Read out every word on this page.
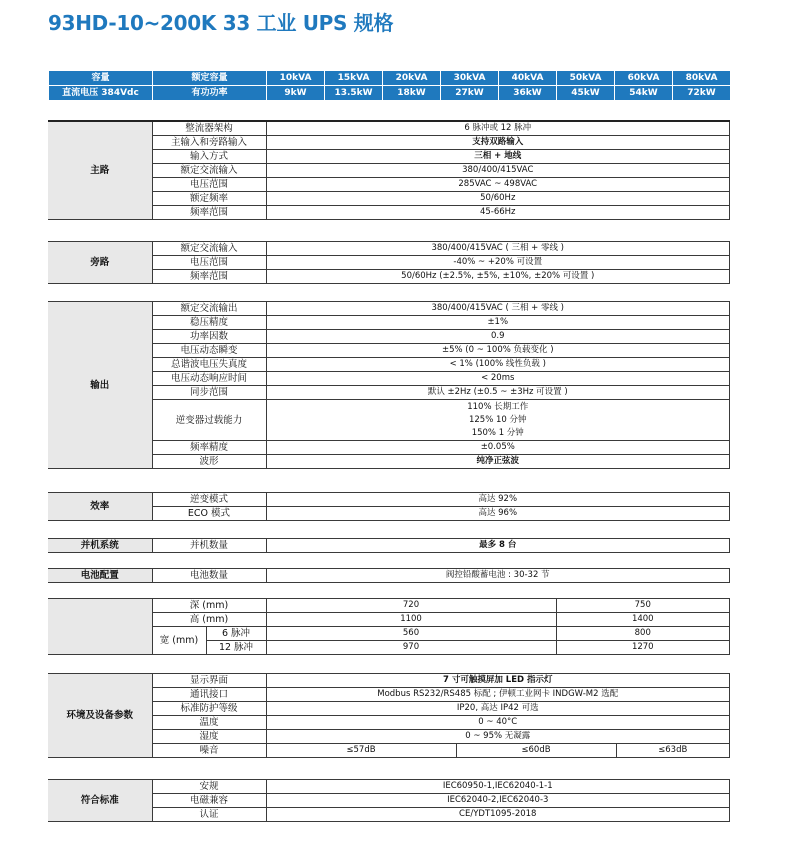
93HD-10~200K 33 工业 UPS 规格
容量	额定容量	10kVA	15kVA	20kVA	30kVA	40kVA	50kVA	60kVA	80kVA
直流电压 384Vdc	有功功率	9kW	13.5kW	18kW	27kW	36kW	45kW	54kW	72kW
主路	整流器架构	6 脉冲或 12 脉冲
	主输入和旁路输入	支持双路输入
	输入方式	三相 + 地线
	额定交流输入	380/400/415VAC
	电压范围	285VAC ~ 498VAC
	额定频率	50/60Hz
	频率范围	45-66Hz
旁路	额定交流输入	380/400/415VAC ( 三相 + 零线 )
	电压范围	-40% ~ +20% 可设置
	频率范围	50/60Hz (±2.5%, ±5%, ±10%, ±20% 可设置 )
输出	额定交流输出	380/400/415VAC ( 三相 + 零线 )
	稳压精度	±1%
	功率因数	0.9
	电压动态瞬变	±5% (0 ~ 100% 负载变化 )
	总谐波电压失真度	< 1% (100% 线性负载 )
	电压动态响应时间	< 20ms
	同步范围	默认 ±2Hz (±0.5 ~ ±3Hz 可设置 )
	逆变器过载能力	110% 长期工作
125% 10 分钟
150% 1 分钟

	频率精度	±0.05%
	波形	纯净正弦波
效率	逆变模式	高达 92%
	ECO 模式	高达 96%
并机系统	并机数量	最多 8 台
电池配置	电池数量	阀控铅酸蓄电池 : 30-32 节
	深 (mm)		720	750
	高 (mm)		1100	1400
	宽 (mm)	6 脉冲	560	800
		12 脉冲	970	1270
环境及设备参数	显示界面	7 寸可触摸屏加 LED 指示灯		
	通讯接口	Modbus RS232/RS485 标配 ; 伊顿工业网卡 INDGW-M2 选配		
	标准防护等级	IP20, 高达 IP42 可选		
	温度	0 ~ 40°C		
	湿度	0 ~ 95% 无凝露		
	噪音	≤57dB	≤60dB	≤63dB
符合标准	安规	IEC60950-1,IEC62040-1-1
	电磁兼容	IEC62040-2,IEC62040-3
	认证	CE/YDT1095-2018
